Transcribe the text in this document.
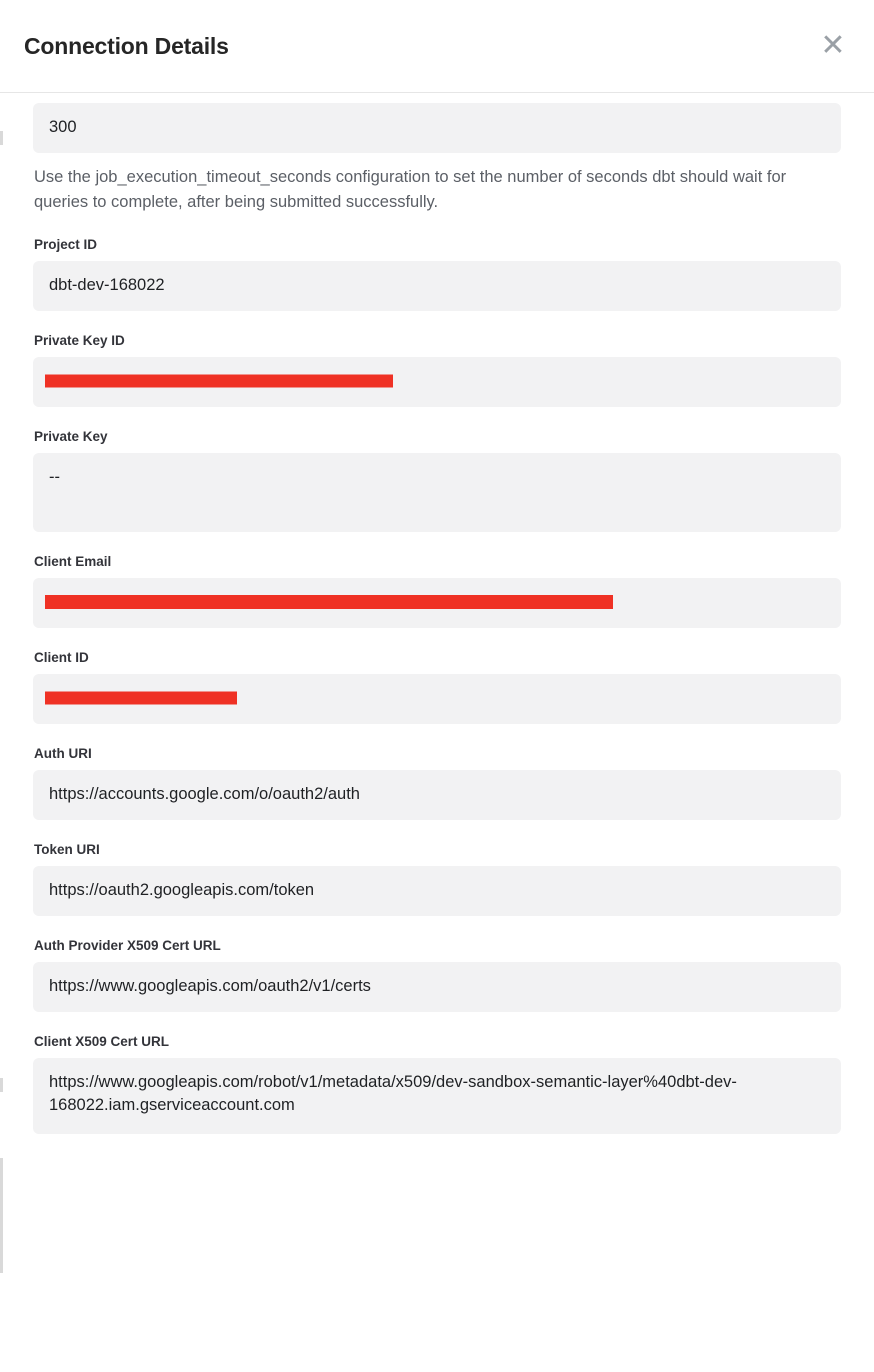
Connection Details	✕
300
Use the job_execution_timeout_seconds configuration to set the number of seconds dbt should wait for queries to complete, after being submitted successfully.
Project ID
dbt-dev-168022
Private Key ID
Private Key
--
Client Email
Client ID
Auth URI
https://accounts.google.com/o/oauth2/auth
Token URI
https://oauth2.googleapis.com/token
Auth Provider X509 Cert URL
https://www.googleapis.com/oauth2/v1/certs
Client X509 Cert URL
https://www.googleapis.com/robot/v1/metadata/x509/dev-sandbox-semantic-layer%40dbt-dev-168022.iam.gserviceaccount.com
